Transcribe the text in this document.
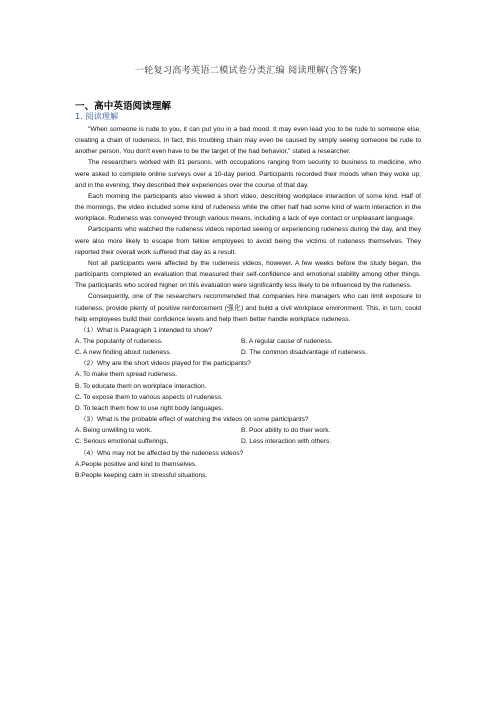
一轮复习高考英语二模试卷分类汇编 阅读理解(含答案)
一、高中英语阅读理解
1. 阅读理解

"When someone is rude to you, it can put you in a bad mood. It may even lead you to be rude to someone else, creating a chain of rudeness. In fact, this troubling chain may even be caused by simply seeing someone be rude to another person. You don't even have to be the target of the had behavior," stated a researcher.

The researchers worked with 81 persons, with occupations ranging from security to business to medicine, who were asked to complete online surveys over a 10-day period. Participants recorded their moods when they woke up; and in the evening, they described their experiences over the course of that day.

Each morning the participants also viewed a short video, describing workplace interaction of some kind. Half of the mornings, the video included some kind of rudeness while the other half had some kind of warm interaction in the workplace. Rudeness was conveyed through various means, including a lack of eye contact or unpleasant language.

Participants who watched the rudeness videos reported seeing or experiencing rudeness during the day, and they were also more likely to escape from fellow employees to avoid being the victims of rudeness themselves. They reported their overall work suffered that day as a result.

Not all participants were affected by the rudeness videos, however. A few weeks before the study began, the participants completed an evaluation that measured their self-confidence and emotional stability among other things. The participants who scored higher on this evaluation were significantly less likely to be influenced by the rudeness.

Consequently, one of the researchers recommended that companies hire managers who can limit exposure to rudeness, provide plenty of positive reinforcement (强化) and build a civil workplace environment. This, in turn, could help employees build their confidence levels and help them better handle workplace rudeness.

（1）What is Paragraph 1 intended to show?

A. The popularity of rudeness.	B. A regular cause of rudeness.
C. A new finding about rudeness.	D. The common disadvantage of rudeness.

（2）Why are the short videos played for the participants?

A. To make them spread rudeness.

B. To educate them on workplace interaction.

C. To expose them to various aspects of rudeness.

D. To teach them how to use right body languages.

（3）What is the probable effect of watching the videos on some participants?

A. Being unwilling to work.	B. Poor ability to do their work.
C. Serious emotional sufferings.	D. Less interaction with others.

（4）Who may not be affected by the rudeness videos?

A.People positive and kind to themselves.

B.People keeping calm in stressful situations.
